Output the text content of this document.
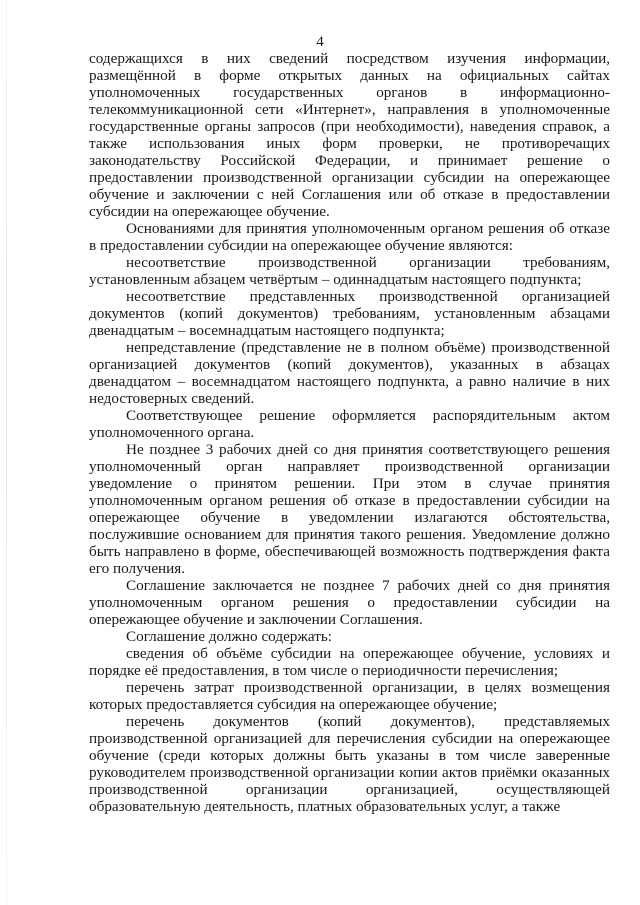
4

содержащихся в них сведений посредством изучения информации, размещённой в форме открытых данных на официальных сайтах уполномоченных государственных органов в информационно-телекоммуникационной сети «Интернет», направления в уполномоченные государственные органы запросов (при необходимости), наведения справок, а также использования иных форм проверки, не противоречащих законодательству Российской Федерации, и принимает решение о предоставлении производственной организации субсидии на опережающее обучение и заключении с ней Соглашения или об отказе в предоставлении субсидии на опережающее обучение.

Основаниями для принятия уполномоченным органом решения об отказе в предоставлении субсидии на опережающее обучение являются:

несоответствие производственной организации требованиям, установленным абзацем четвёртым – одиннадцатым настоящего подпункта;

несоответствие представленных производственной организацией документов (копий документов) требованиям, установленным абзацами двенадцатым – восемнадцатым настоящего подпункта;

непредставление (представление не в полном объёме) производственной организацией документов (копий документов), указанных в абзацах двенадцатом – восемнадцатом настоящего подпункта, а равно наличие в них недостоверных сведений.

Соответствующее решение оформляется распорядительным актом уполномоченного органа.

Не позднее 3 рабочих дней со дня принятия соответствующего решения уполномоченный орган направляет производственной организации уведомление о принятом решении. При этом в случае принятия уполномоченным органом решения об отказе в предоставлении субсидии на опережающее обучение в уведомлении излагаются обстоятельства, послужившие основанием для принятия такого решения. Уведомление должно быть направлено в форме, обеспечивающей возможность подтверждения факта его получения.

Соглашение заключается не позднее 7 рабочих дней со дня принятия уполномоченным органом решения о предоставлении субсидии на опережающее обучение и заключении Соглашения.

Соглашение должно содержать:

сведения об объёме субсидии на опережающее обучение, условиях и порядке её предоставления, в том числе о периодичности перечисления;

перечень затрат производственной организации, в целях возмещения которых предоставляется субсидия на опережающее обучение;

перечень документов (копий документов), представляемых производственной организацией для перечисления субсидии на опережающее обучение (среди которых должны быть указаны в том числе заверенные руководителем производственной организации копии актов приёмки оказанных производственной организации организацией, осуществляющей образовательную деятельность, платных образовательных услуг, а также
